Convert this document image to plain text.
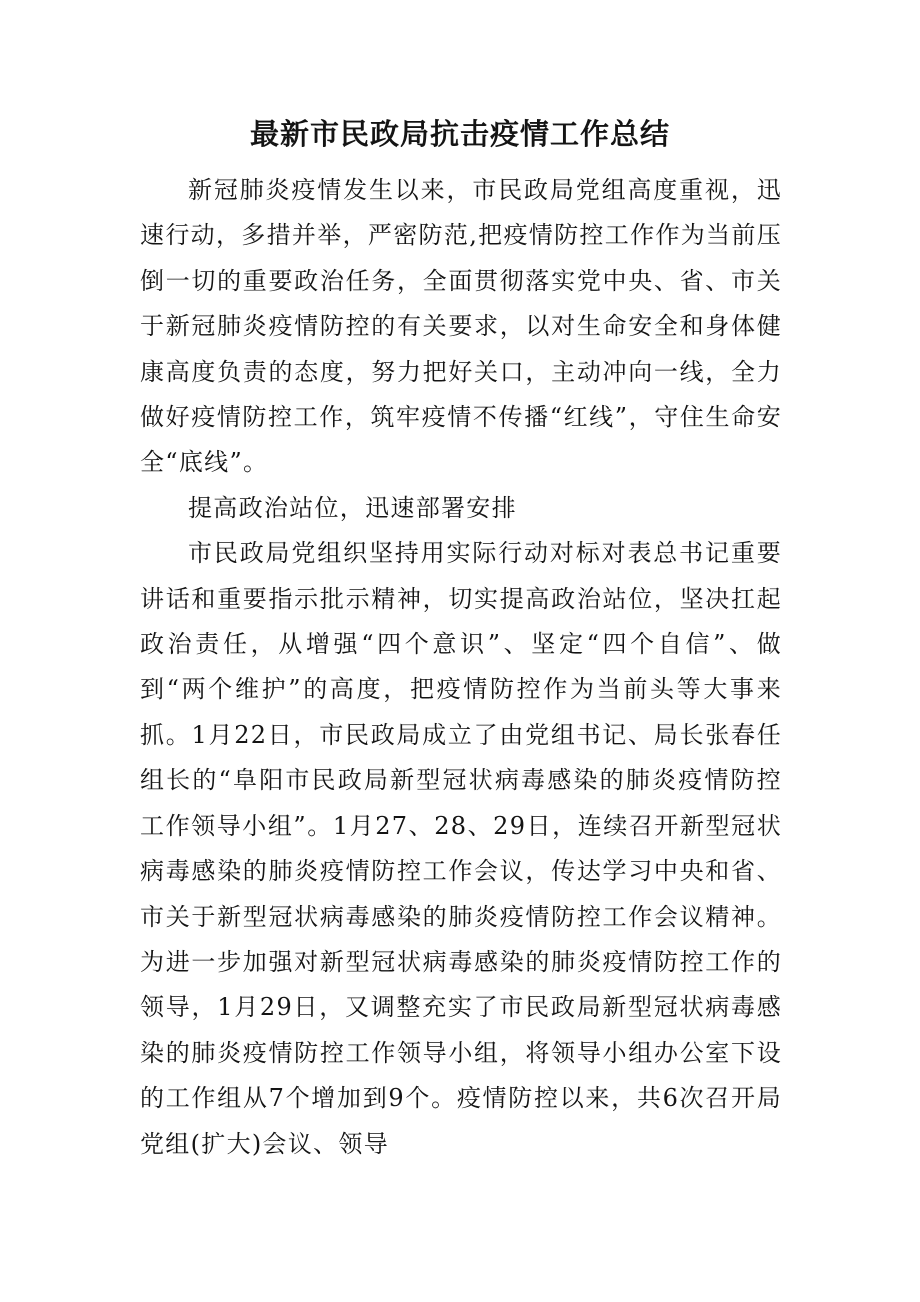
最新市民政局抗击疫情工作总结

新冠肺炎疫情发生以来，市民政局党组高度重视，迅速行动，多措并举，严密防范,把疫情防控工作作为当前压倒一切的重要政治任务，全面贯彻落实党中央、省、市关于新冠肺炎疫情防控的有关要求，以对生命安全和身体健康高度负责的态度，努力把好关口，主动冲向一线，全力做好疫情防控工作，筑牢疫情不传播“红线”，守住生命安全“底线”。

提高政治站位，迅速部署安排

市民政局党组织坚持用实际行动对标对表总书记重要讲话和重要指示批示精神，切实提高政治站位，坚决扛起政治责任，从增强“四个意识”、坚定“四个自信”、做到“两个维护”的高度，把疫情防控作为当前头等大事来抓。1月22日，市民政局成立了由党组书记、局长张春任组长的“阜阳市民政局新型冠状病毒感染的肺炎疫情防控工作领导小组”。1月27、28、29日，连续召开新型冠状病毒感染的肺炎疫情防控工作会议，传达学习中央和省、市关于新型冠状病毒感染的肺炎疫情防控工作会议精神。为进一步加强对新型冠状病毒感染的肺炎疫情防控工作的领导，1月29日，又调整充实了市民政局新型冠状病毒感染的肺炎疫情防控工作领导小组，将领导小组办公室下设的工作组从7个增加到9个。疫情防控以来，共6次召开局党组(扩大)会议、领导
